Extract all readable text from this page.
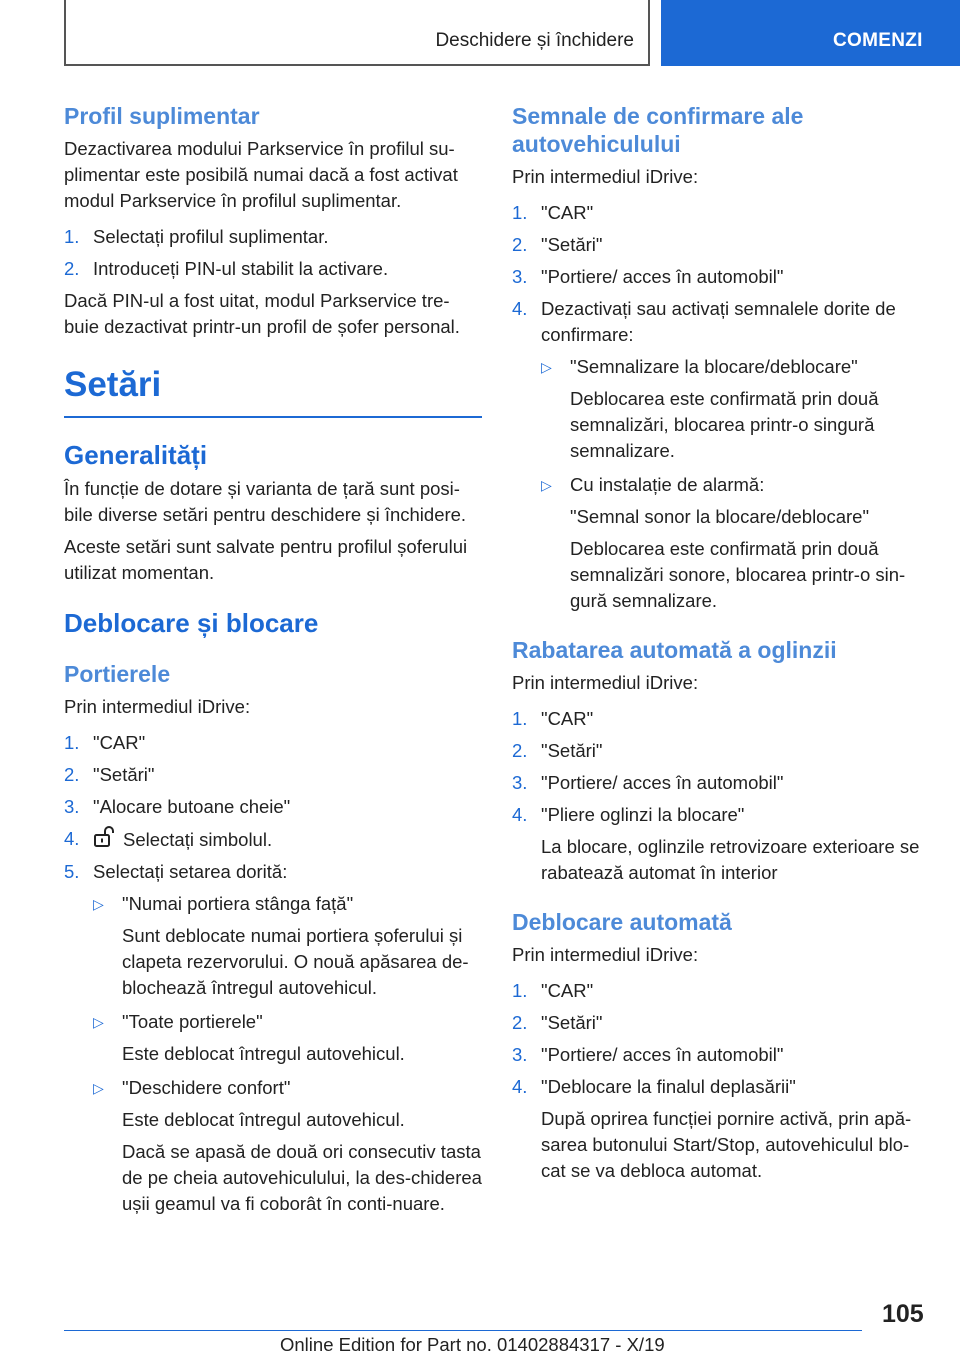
Deschidere și închidere	COMENZI
Profil suplimentar
Dezactivarea modului Parkservice în profilul su-plimentar este posibilă numai dacă a fost activat modul Parkservice în profilul suplimentar.
1. Selectați profilul suplimentar.
2. Introduceți PIN-ul stabilit la activare.
Dacă PIN-ul a fost uitat, modul Parkservice tre-buie dezactivat printr-un profil de șofer personal.
Setări
Generalități
În funcție de dotare și varianta de țară sunt posi-bile diverse setări pentru deschidere și închidere.
Aceste setări sunt salvate pentru profilul șoferului utilizat momentan.
Deblocare și blocare
Portierele
Prin intermediul iDrive:
1. "CAR"
2. "Setări"
3. "Alocare butoane cheie"
4. Selectați simbolul.
5. Selectați setarea dorită:
▷ "Numai portiera stânga față"
Sunt deblocate numai portiera șoferului și clapeta rezervorului. O nouă apăsarea de-blochează întregul autovehicul.
▷ "Toate portierele"
Este deblocat întregul autovehicul.
▷ "Deschidere confort"
Este deblocat întregul autovehicul.
Dacă se apasă de două ori consecutiv tasta de pe cheia autovehiculului, la des-chiderea ușii geamul va fi coborât în conti-nuare.
Semnale de confirmare ale autovehiculului
Prin intermediul iDrive:
1. "CAR"
2. "Setări"
3. "Portiere/ acces în automobil"
4. Dezactivați sau activați semnalele dorite de confirmare:
▷ "Semnalizare la blocare/deblocare"
Deblocarea este confirmată prin două semnalizări, blocarea printr-o singură semnalizare.
▷ Cu instalație de alarmă:
"Semnal sonor la blocare/deblocare"
Deblocarea este confirmată prin două semnalizări sonore, blocarea printr-o sin-gură semnalizare.
Rabatarea automată a oglinzii
Prin intermediul iDrive:
1. "CAR"
2. "Setări"
3. "Portiere/ acces în automobil"
4. "Pliere oglinzi la blocare"
La blocare, oglinzile retrovizoare exterioare se rabatează automat în interior
Deblocare automată
Prin intermediul iDrive:
1. "CAR"
2. "Setări"
3. "Portiere/ acces în automobil"
4. "Deblocare la finalul deplasării"
După oprirea funcției pornire activă, prin apă-sarea butonului Start/Stop, autovehiculul blo-cat se va debloca automat.
105
Online Edition for Part no. 01402884317 - X/19
